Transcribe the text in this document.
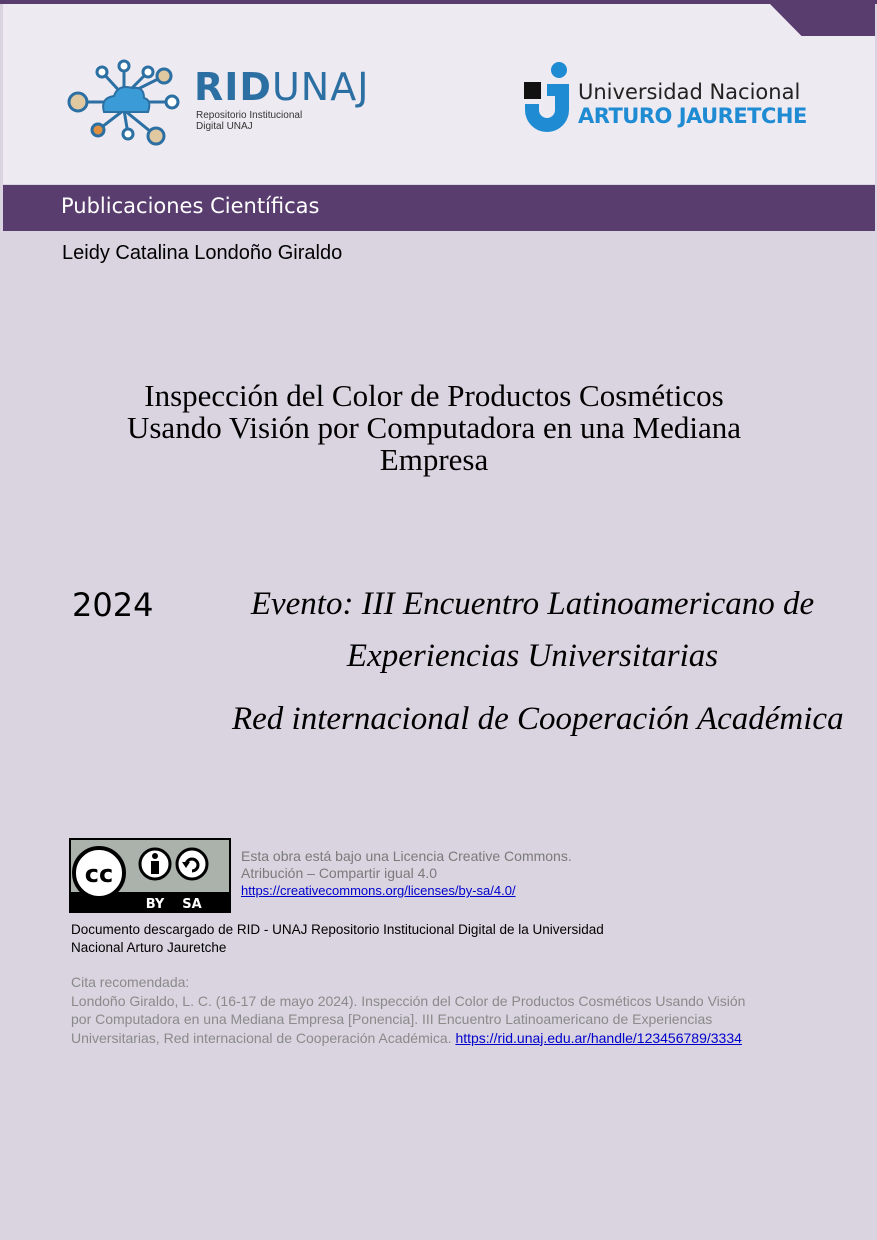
RIDUNAJ
Repositorio Institucional
Digital UNAJ
Universidad Nacional
ARTURO JAURETCHE
Publicaciones Científicas
Leidy Catalina Londoño Giraldo
Inspección del Color de Productos Cosméticos
Usando Visión por Computadora en una Mediana
Empresa
2024	Evento: III Encuentro Latinoamericano de
Experiencias Universitarias
Red internacional de Cooperación Académica
cc
BY SA
Esta obra está bajo una Licencia Creative Commons.
Atribución – Compartir igual 4.0
https://creativecommons.org/licenses/by-sa/4.0/
Documento descargado de RID - UNAJ Repositorio Institucional Digital de la Universidad
Nacional Arturo Jauretche
Cita recomendada:
Londoño Giraldo, L. C. (16-17 de mayo 2024). Inspección del Color de Productos Cosméticos Usando Visión
por Computadora en una Mediana Empresa [Ponencia]. III Encuentro Latinoamericano de Experiencias
Universitarias, Red internacional de Cooperación Académica. https://rid.unaj.edu.ar/handle/123456789/3334
